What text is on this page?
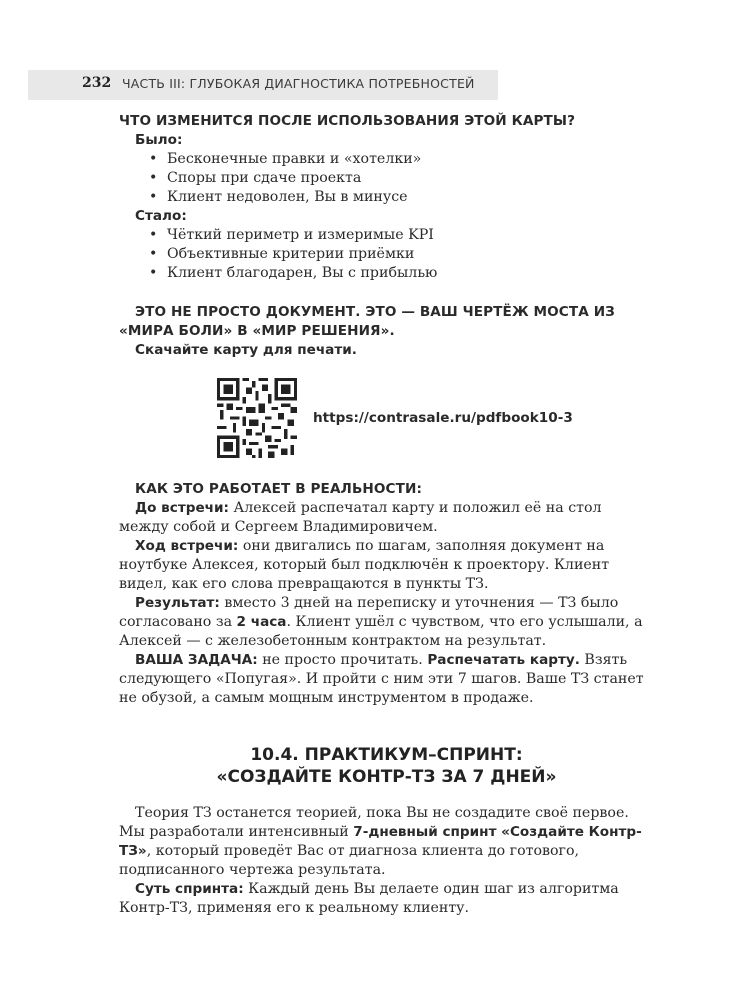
232 ЧАСТЬ III: ГЛУБОКАЯ ДИАГНОСТИКА ПОТРЕБНОСТЕЙ
ЧТО ИЗМЕНИТСЯ ПОСЛЕ ИСПОЛЬЗОВАНИЯ ЭТОЙ КАРТЫ?
Было:
• Бесконечные правки и «хотелки»
• Споры при сдаче проекта
• Клиент недоволен, Вы в минусе
Стало:
• Чёткий периметр и измеримые KPI
• Объективные критерии приёмки
• Клиент благодарен, Вы с прибылью
ЭТО НЕ ПРОСТО ДОКУМЕНТ. ЭТО — ВАШ ЧЕРТЁЖ МОСТА ИЗ «МИРА БОЛИ» В «МИР РЕШЕНИЯ».
Скачайте карту для печати.
https://contrasale.ru/pdfbook10-3
КАК ЭТО РАБОТАЕТ В РЕАЛЬНОСТИ:

До встречи: Алексей распечатал карту и положил её на стол между собой и Сергеем Владимировичем.

Ход встречи: они двигались по шагам, заполняя документ на ноутбуке Алексея, который был подключён к проектору. Клиент видел, как его слова превращаются в пункты ТЗ.

Результат: вместо 3 дней на переписку и уточнения — ТЗ было согласовано за 2 часа. Клиент ушёл с чувством, что его услышали, а Алексей — с железобетонным контрактом на результат.

ВАША ЗАДАЧА: не просто прочитать. Распечатать карту. Взять следующего «Попугая». И пройти с ним эти 7 шагов. Ваше ТЗ станет не обузой, а самым мощным инструментом в продаже.

10.4. ПРАКТИКУМ–СПРИНТ:
«СОЗДАЙТЕ КОНТР-ТЗ ЗА 7 ДНЕЙ»

Теория ТЗ останется теорией, пока Вы не создадите своё первое. Мы разработали интенсивный 7-дневный спринт «Создайте Контр-ТЗ», который проведёт Вас от диагноза клиента до готового, подписанного чертежа результата.

Суть спринта: Каждый день Вы делаете один шаг из алгоритма Контр-ТЗ, применяя его к реальному клиенту.
